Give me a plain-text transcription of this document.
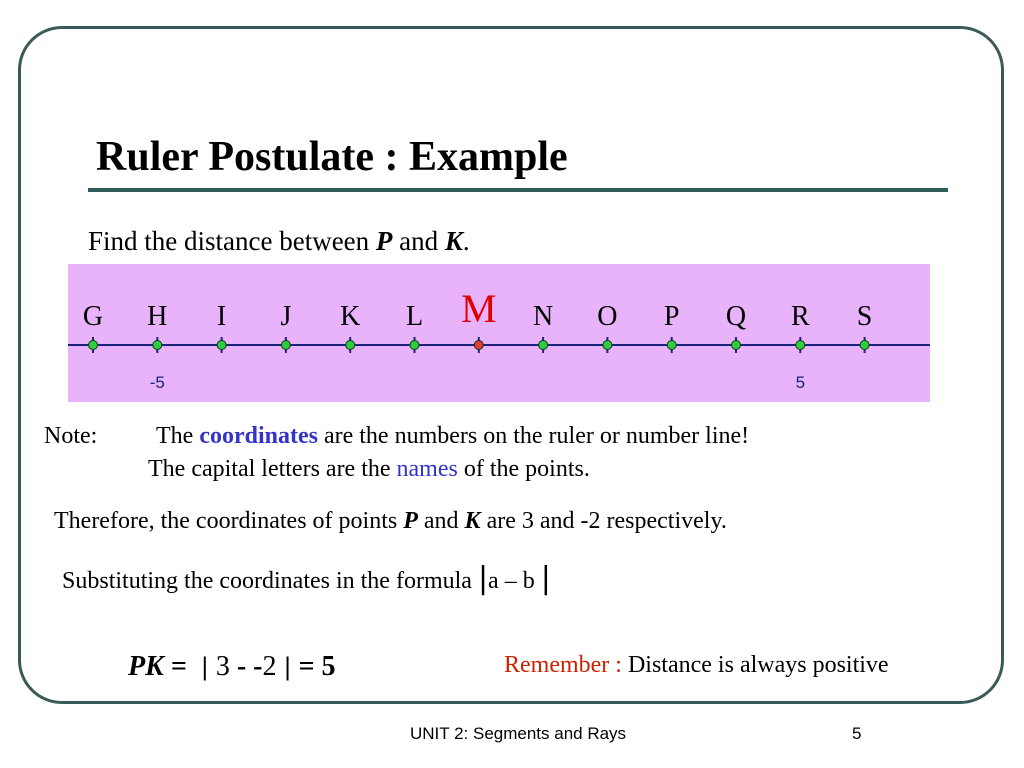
Ruler Postulate : Example
Find the distance between P and K.
G H I J K L M N O P Q R S
-5	5
Note: The coordinates are the numbers on the ruler or number line!
The capital letters are the names of the points.
Therefore, the coordinates of points P and K are 3 and -2 respectively.
Substituting the coordinates in the formula |a – b |
PK = | 3 - -2 | = 5	Remember : Distance is always positive
UNIT 2: Segments and Rays	5
